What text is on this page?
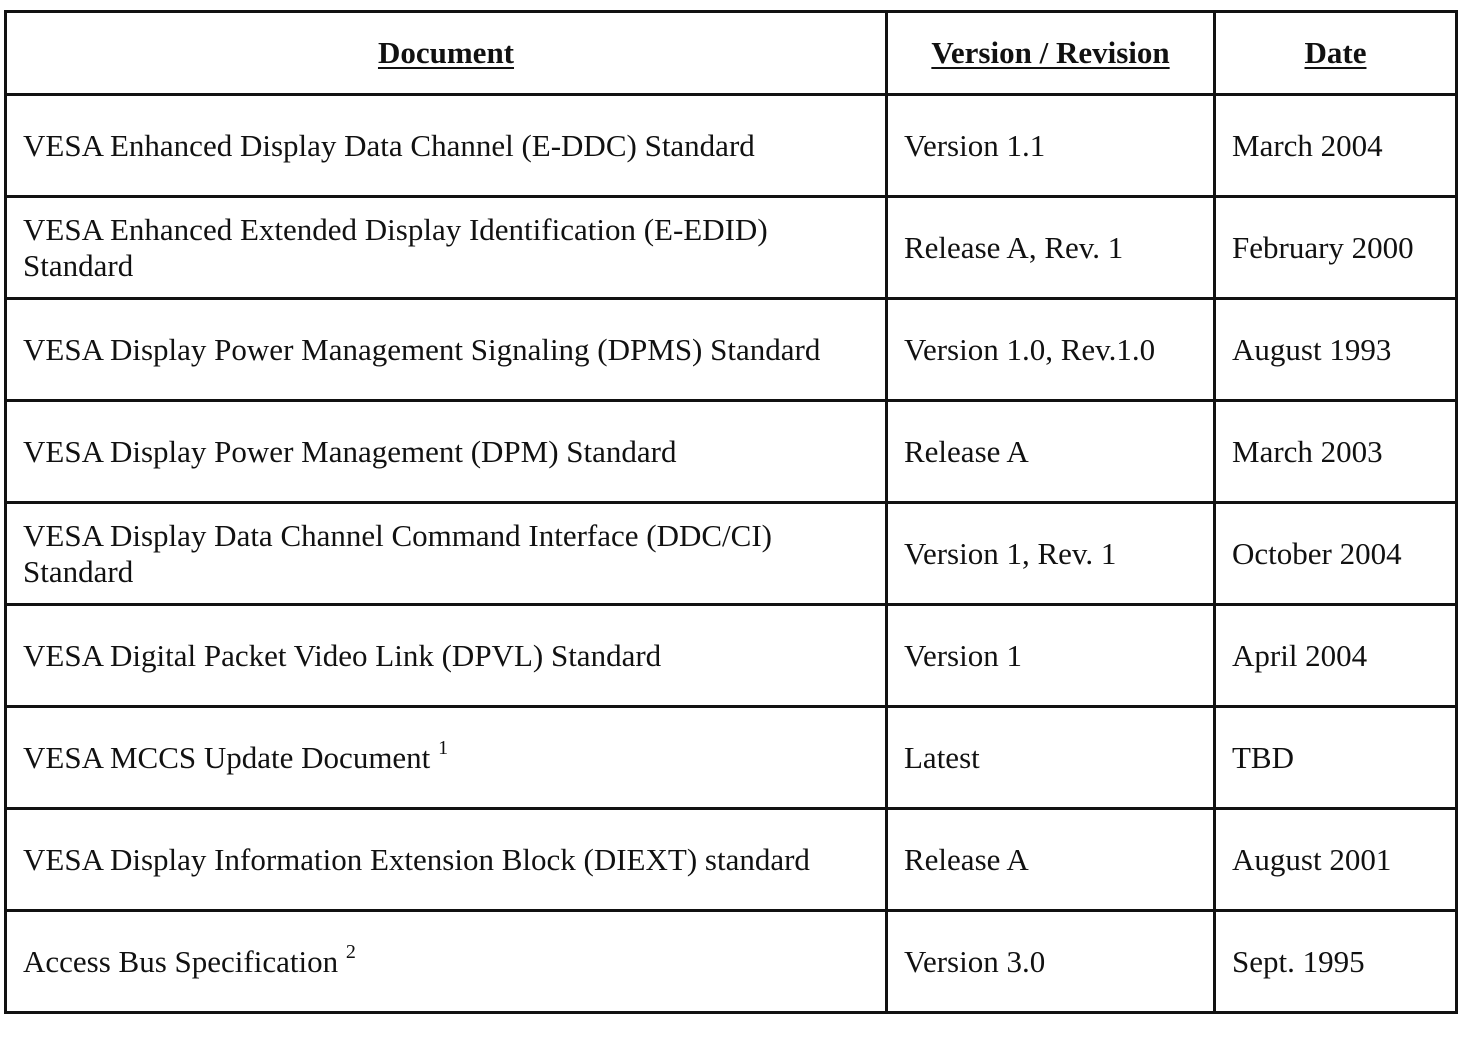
Document	Version / Revision	Date
VESA Enhanced Display Data Channel (E-DDC) Standard	Version 1.1	March 2004
VESA Enhanced Extended Display Identification (E-EDID) Standard	Release A, Rev. 1	February 2000
VESA Display Power Management Signaling (DPMS) Standard	Version 1.0, Rev.1.0	August 1993
VESA Display Power Management (DPM) Standard	Release A	March 2003
VESA Display Data Channel Command Interface (DDC/CI) Standard	Version 1, Rev. 1	October 2004
VESA Digital Packet Video Link (DPVL) Standard	Version 1	April 2004
VESA MCCS Update Document $^1$	Latest	TBD
VESA Display Information Extension Block (DIEXT) standard	Release A	August 2001
Access Bus Specification $^2$	Version 3.0	Sept. 1995
